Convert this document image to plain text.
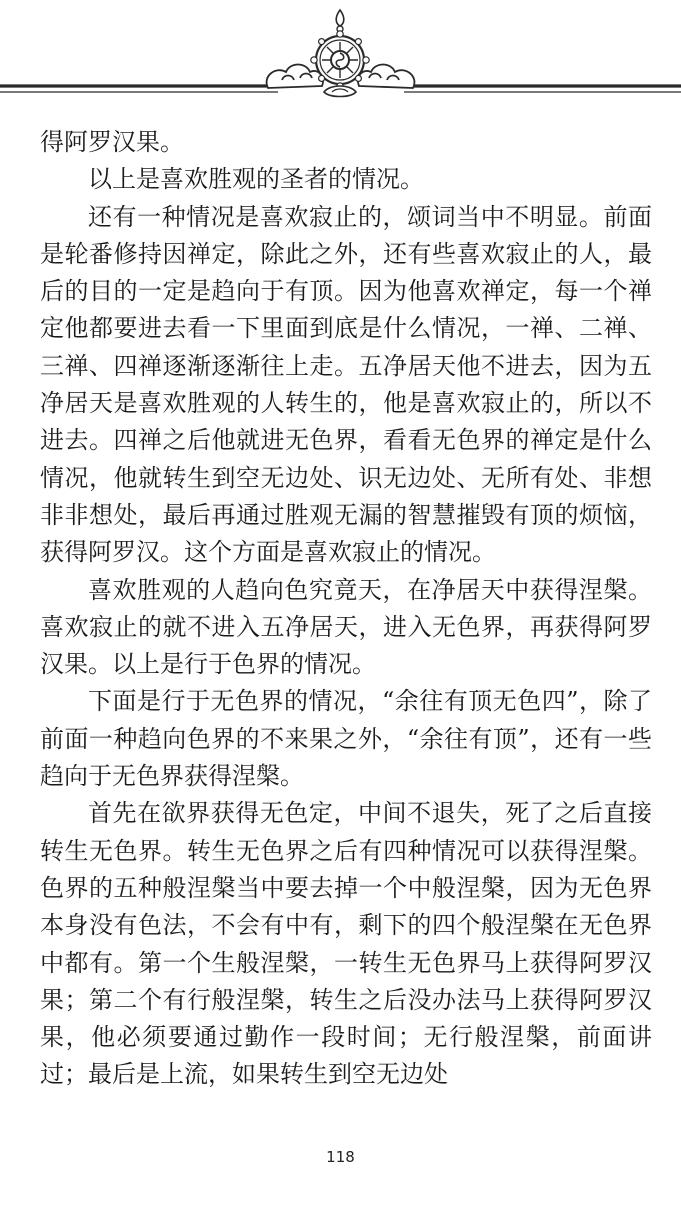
得阿罗汉果。

以上是喜欢胜观的圣者的情况。

还有一种情况是喜欢寂止的，颂词当中不明显。前面是轮番修持因禅定，除此之外，还有些喜欢寂止的人，最后的目的一定是趋向于有顶。因为他喜欢禅定，每一个禅定他都要进去看一下里面到底是什么情况，一禅、二禅、三禅、四禅逐渐逐渐往上走。五净居天他不进去，因为五净居天是喜欢胜观的人转生的，他是喜欢寂止的，所以不进去。四禅之后他就进无色界，看看无色界的禅定是什么情况，他就转生到空无边处、识无边处、无所有处、非想非非想处，最后再通过胜观无漏的智慧摧毁有顶的烦恼，获得阿罗汉。这个方面是喜欢寂止的情况。

喜欢胜观的人趋向色究竟天，在净居天中获得涅槃。喜欢寂止的就不进入五净居天，进入无色界，再获得阿罗汉果。以上是行于色界的情况。

下面是行于无色界的情况，“余往有顶无色四”，除了前面一种趋向色界的不来果之外，“余往有顶”，还有一些趋向于无色界获得涅槃。

首先在欲界获得无色定，中间不退失，死了之后直接转生无色界。转生无色界之后有四种情况可以获得涅槃。色界的五种般涅槃当中要去掉一个中般涅槃，因为无色界本身没有色法，不会有中有，剩下的四个般涅槃在无色界中都有。第一个生般涅槃，一转生无色界马上获得阿罗汉果；第二个有行般涅槃，转生之后没办法马上获得阿罗汉果，他必须要通过勤作一段时间；无行般涅槃，前面讲过；最后是上流，如果转生到空无边处

118
